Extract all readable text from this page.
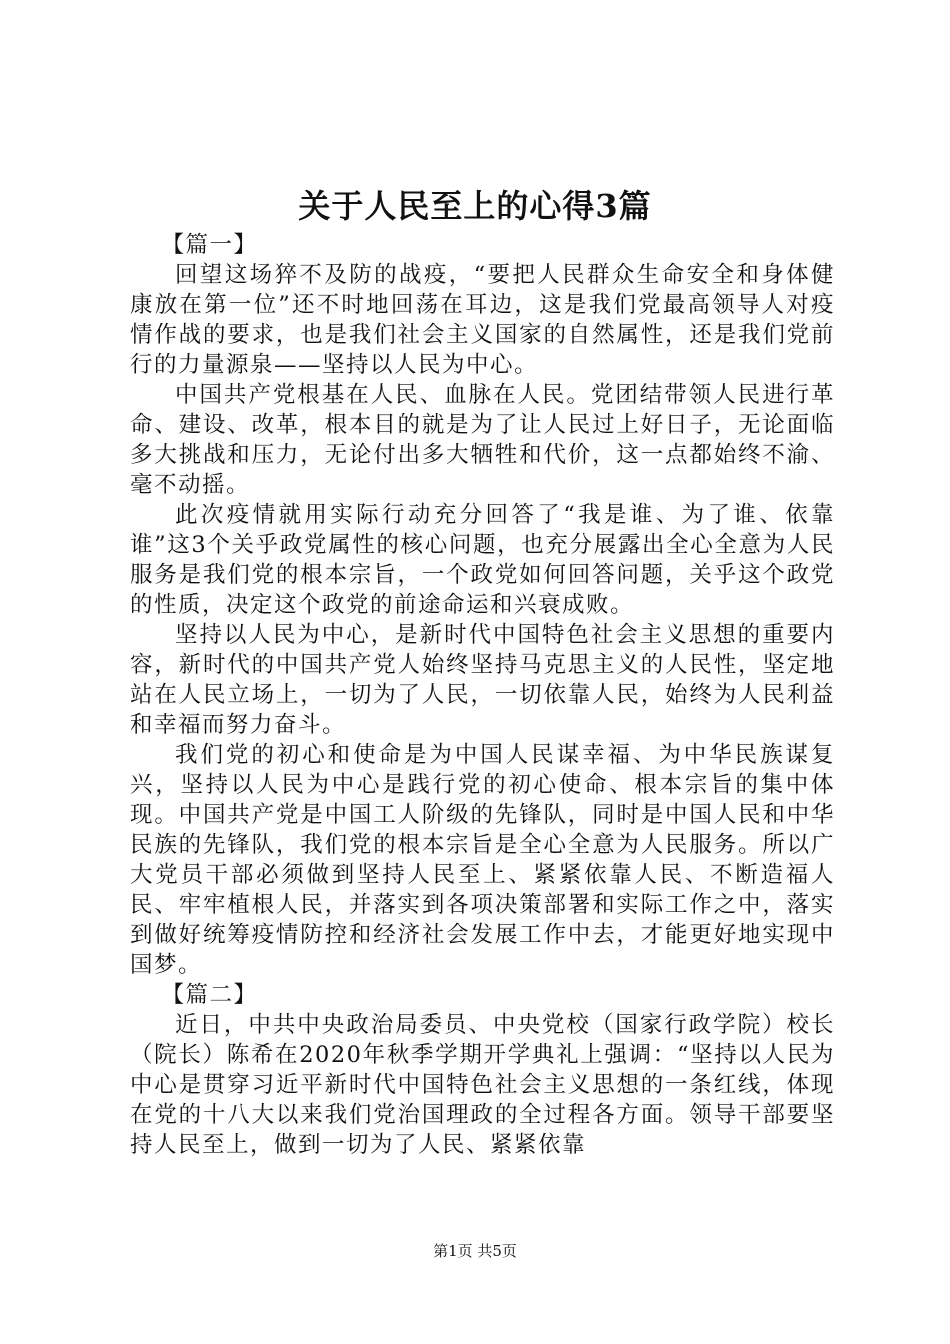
关于人民至上的心得3篇

【篇一】

回望这场猝不及防的战疫，“要把人民群众生命安全和身体健康放在第一位”还不时地回荡在耳边，这是我们党最高领导人对疫情作战的要求，也是我们社会主义国家的自然属性，还是我们党前行的力量源泉——坚持以人民为中心。

中国共产党根基在人民、血脉在人民。党团结带领人民进行革命、建设、改革，根本目的就是为了让人民过上好日子，无论面临多大挑战和压力，无论付出多大牺牲和代价，这一点都始终不渝、毫不动摇。

此次疫情就用实际行动充分回答了“我是谁、为了谁、依靠谁”这3个关乎政党属性的核心问题，也充分展露出全心全意为人民服务是我们党的根本宗旨，一个政党如何回答问题，关乎这个政党的性质，决定这个政党的前途命运和兴衰成败。

坚持以人民为中心，是新时代中国特色社会主义思想的重要内容，新时代的中国共产党人始终坚持马克思主义的人民性，坚定地站在人民立场上，一切为了人民，一切依靠人民，始终为人民利益和幸福而努力奋斗。

我们党的初心和使命是为中国人民谋幸福、为中华民族谋复兴，坚持以人民为中心是践行党的初心使命、根本宗旨的集中体现。中国共产党是中国工人阶级的先锋队，同时是中国人民和中华民族的先锋队，我们党的根本宗旨是全心全意为人民服务。所以广大党员干部必须做到坚持人民至上、紧紧依靠人民、不断造福人民、牢牢植根人民，并落实到各项决策部署和实际工作之中，落实到做好统筹疫情防控和经济社会发展工作中去，才能更好地实现中国梦。

【篇二】

近日，中共中央政治局委员、中央党校（国家行政学院）校长（院长）陈希在2020年秋季学期开学典礼上强调：“坚持以人民为中心是贯穿习近平新时代中国特色社会主义思想的一条红线，体现在党的十八大以来我们党治国理政的全过程各方面。领导干部要坚持人民至上，做到一切为了人民、紧紧依靠

第1页 共5页
